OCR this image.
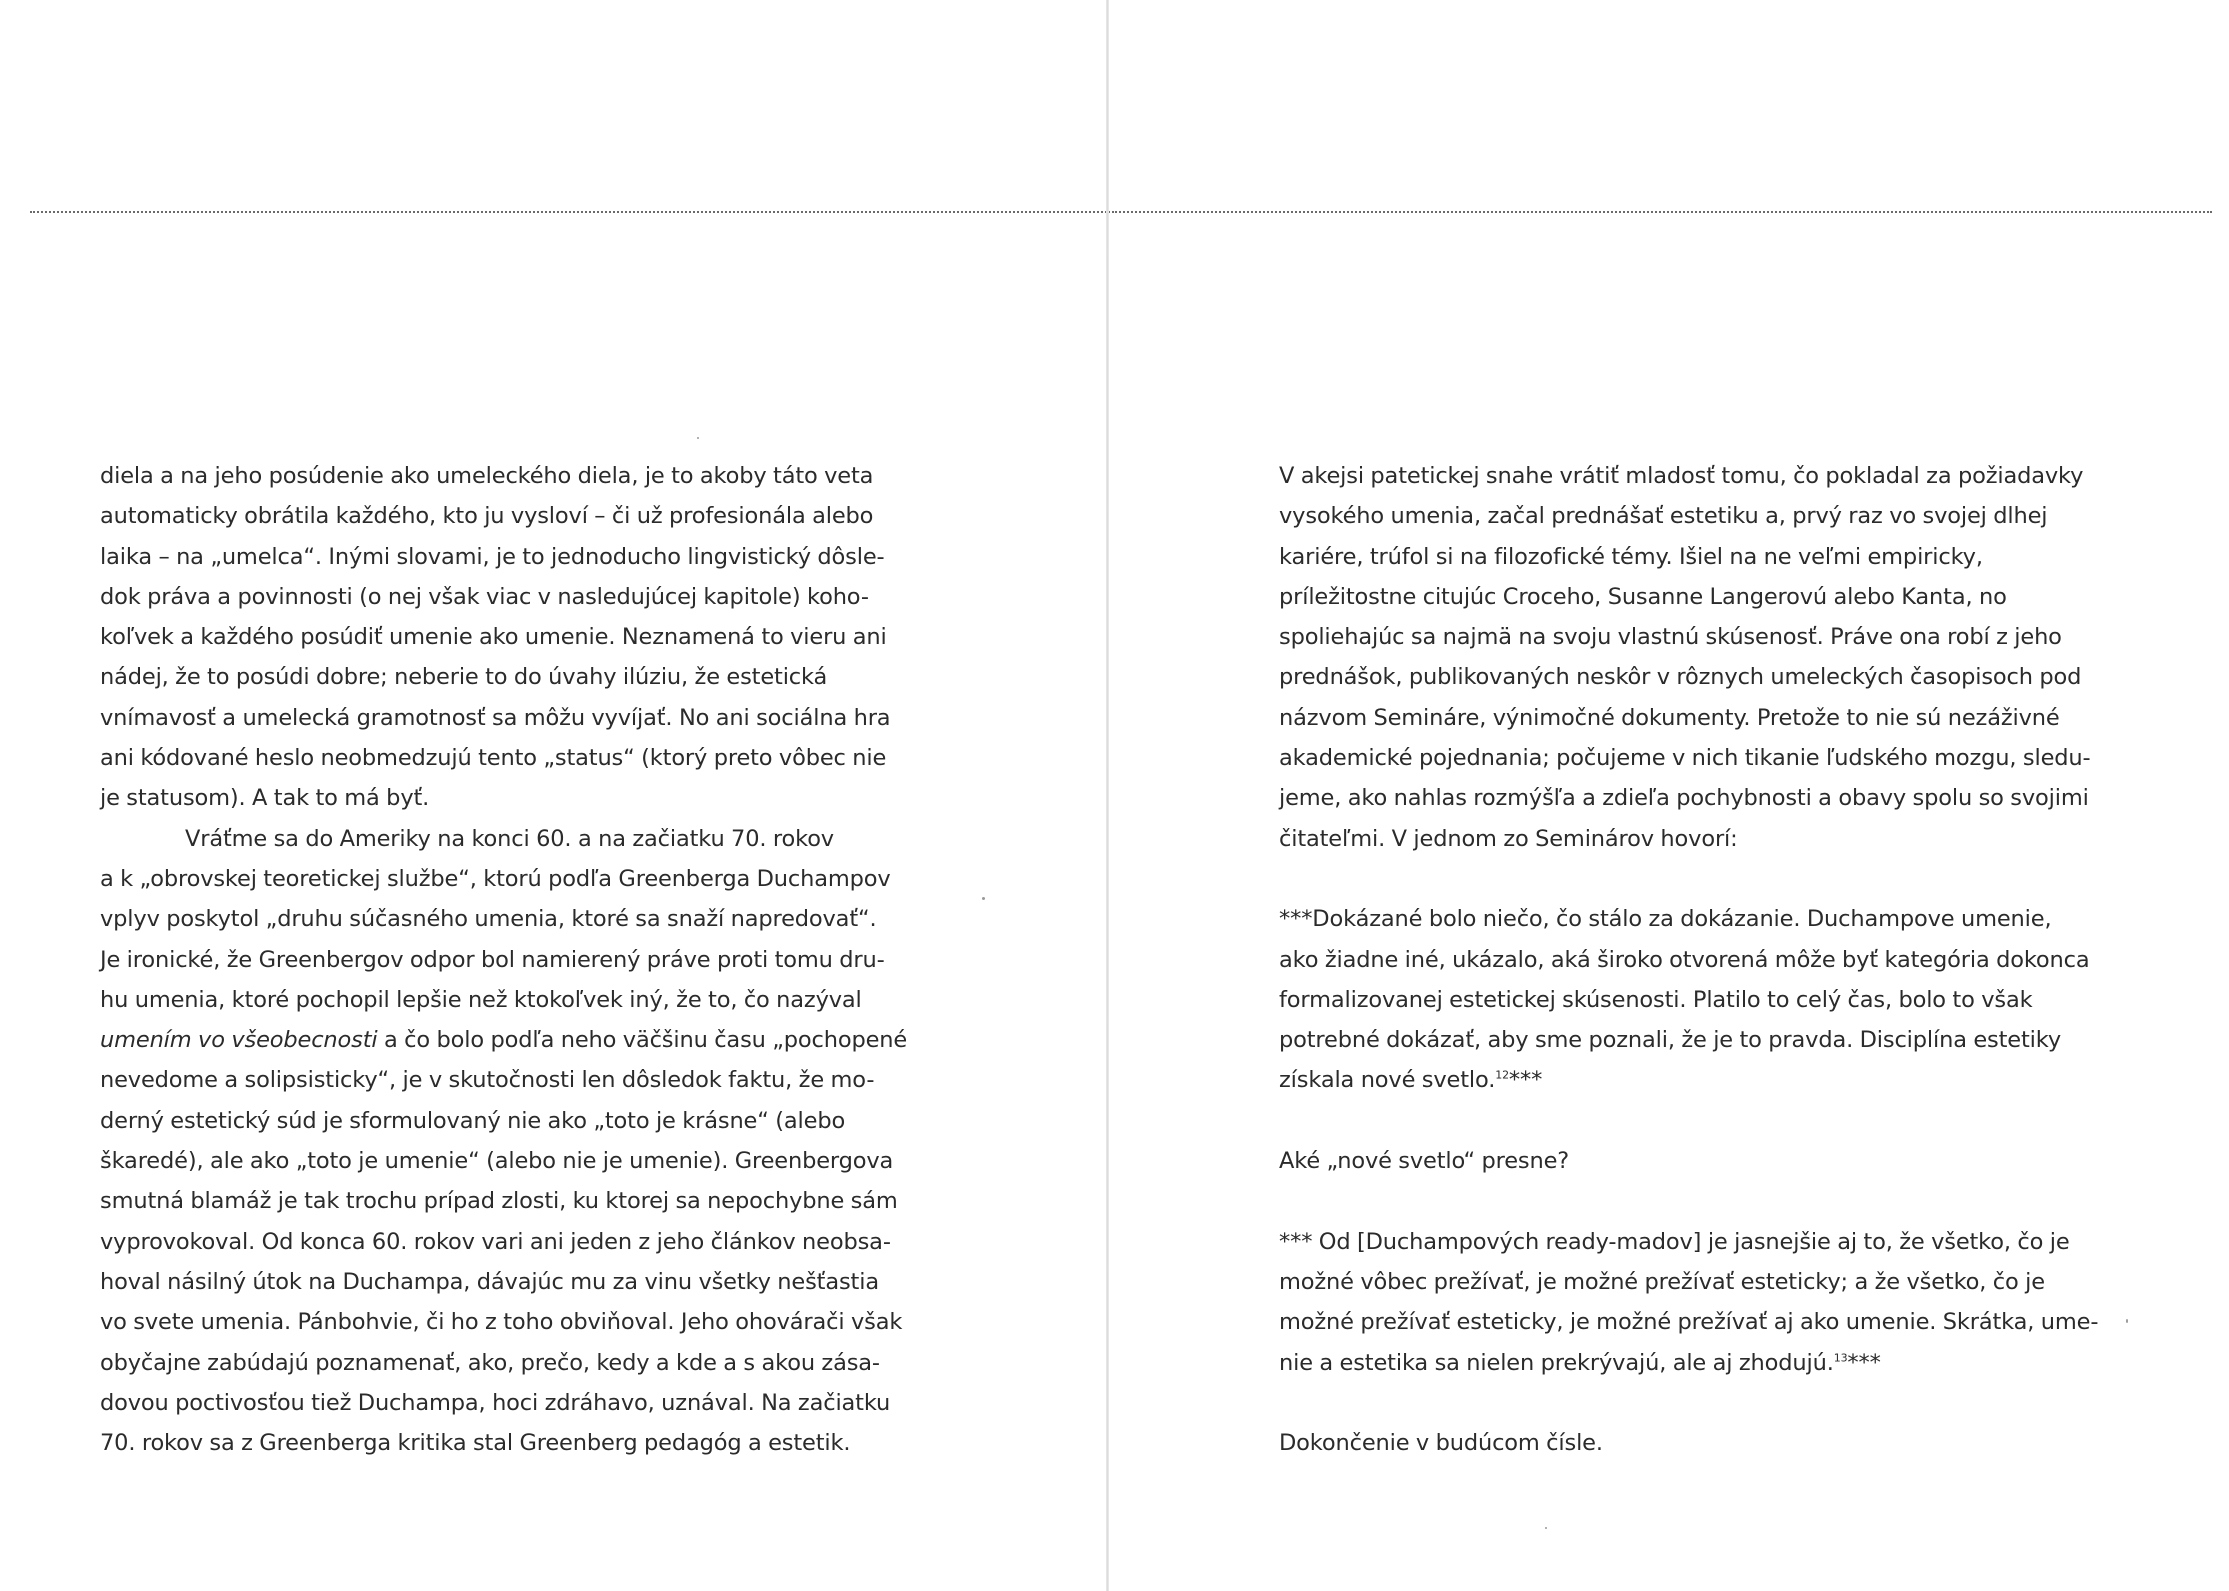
diela a na jeho posúdenie ako umeleckého diela, je to akoby táto veta
automaticky obrátila každého, kto ju vysloví – či už profesionála alebo
laika – na „umelca“. Inými slovami, je to jednoducho lingvistický dôsle-
dok práva a povinnosti (o nej však viac v nasledujúcej kapitole) koho-
koľvek a každého posúdiť umenie ako umenie. Neznamená to vieru ani
nádej, že to posúdi dobre; neberie to do úvahy ilúziu, že estetická
vnímavosť a umelecká gramotnosť sa môžu vyvíjať. No ani sociálna hra
ani kódované heslo neobmedzujú tento „status“ (ktorý preto vôbec nie
je statusom). A tak to má byť.
Vráťme sa do Ameriky na konci 60. a na začiatku 70. rokov
a k „obrovskej teoretickej službe“, ktorú podľa Greenberga Duchampov
vplyv poskytol „druhu súčasného umenia, ktoré sa snaží napredovať“.
Je ironické, že Greenbergov odpor bol namierený práve proti tomu dru-
hu umenia, ktoré pochopil lepšie než ktokoľvek iný, že to, čo nazýval
umením vo všeobecnosti a čo bolo podľa neho väčšinu času „pochopené
nevedome a solipsisticky“, je v skutočnosti len dôsledok faktu, že mo-
derný estetický súd je sformulovaný nie ako „toto je krásne“ (alebo
škaredé), ale ako „toto je umenie“ (alebo nie je umenie). Greenbergova
smutná blamáž je tak trochu prípad zlosti, ku ktorej sa nepochybne sám
vyprovokoval. Od konca 60. rokov vari ani jeden z jeho článkov neobsa-
hoval násilný útok na Duchampa, dávajúc mu za vinu všetky nešťastia
vo svete umenia. Pánbohvie, či ho z toho obviňoval. Jeho ohovárači však
obyčajne zabúdajú poznamenať, ako, prečo, kedy a kde a s akou zása-
dovou poctivosťou tiež Duchampa, hoci zdráhavo, uznával. Na začiatku
70. rokov sa z Greenberga kritika stal Greenberg pedagóg a estetik.
V akejsi patetickej snahe vrátiť mladosť tomu, čo pokladal za požiadavky
vysokého umenia, začal prednášať estetiku a, prvý raz vo svojej dlhej
kariére, trúfol si na filozofické témy. Išiel na ne veľmi empiricky,
príležitostne citujúc Croceho, Susanne Langerovú alebo Kanta, no
spoliehajúc sa najmä na svoju vlastnú skúsenosť. Práve ona robí z jeho
prednášok, publikovaných neskôr v rôznych umeleckých časopisoch pod
názvom Semináre, výnimočné dokumenty. Pretože to nie sú nezáživné
akademické pojednania; počujeme v nich tikanie ľudského mozgu, sledu-
jeme, ako nahlas rozmýšľa a zdieľa pochybnosti a obavy spolu so svojimi
čitateľmi. V jednom zo Seminárov hovorí:
***Dokázané bolo niečo, čo stálo za dokázanie. Duchampove umenie,
ako žiadne iné, ukázalo, aká široko otvorená môže byť kategória dokonca
formalizovanej estetickej skúsenosti. Platilo to celý čas, bolo to však
potrebné dokázať, aby sme poznali, že je to pravda. Disciplína estetiky
získala nové svetlo.$^{12}$***
Aké „nové svetlo“ presne?
*** Od [Duchampových ready-madov] je jasnejšie aj to, že všetko, čo je
možné vôbec prežívať, je možné prežívať esteticky; a že všetko, čo je
možné prežívať esteticky, je možné prežívať aj ako umenie. Skrátka, ume-
nie a estetika sa nielen prekrývajú, ale aj zhodujú.$^{13}$***
Dokončenie v budúcom čísle.
